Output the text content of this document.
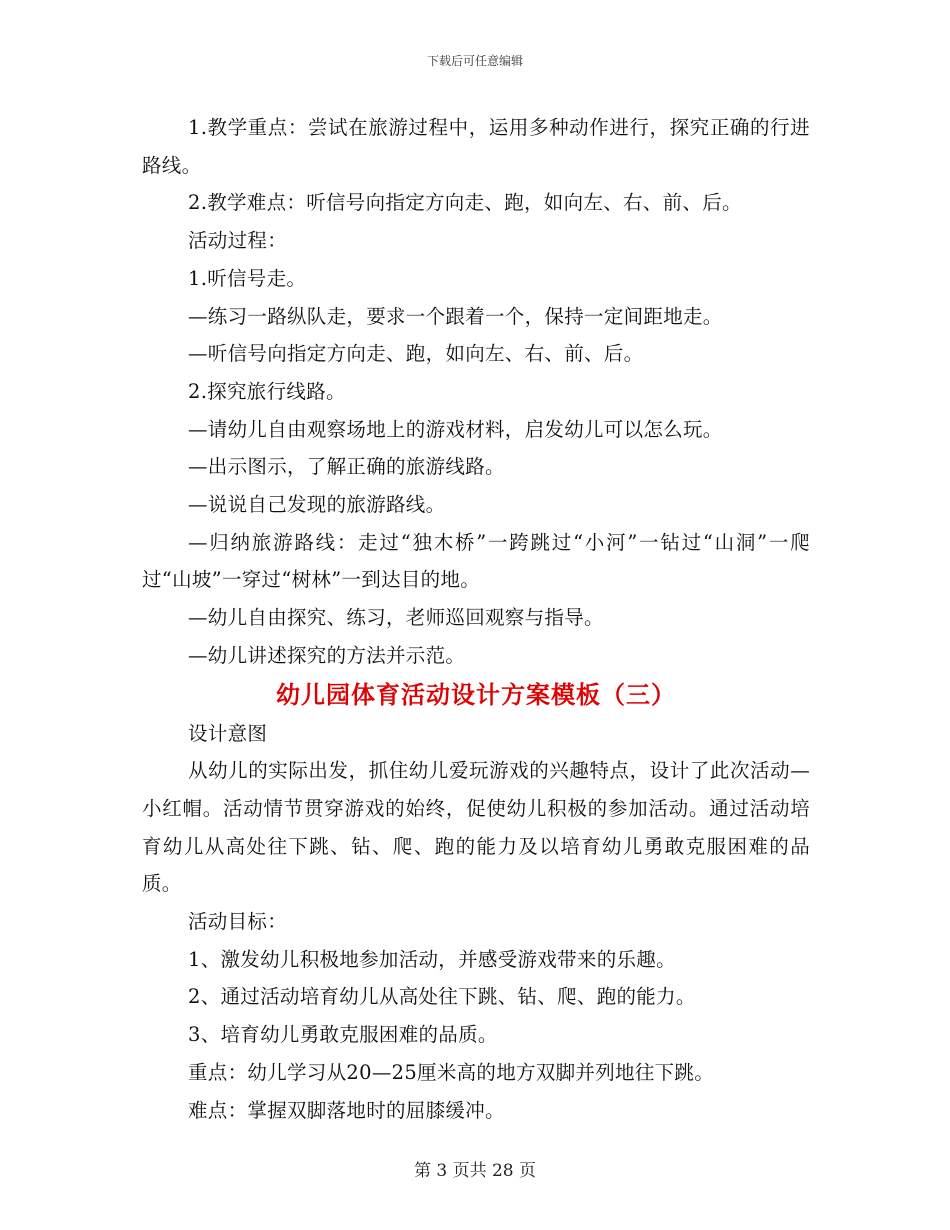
下载后可任意编辑

1.教学重点：尝试在旅游过程中，运用多种动作进行，探究正确的行进路线。

2.教学难点：听信号向指定方向走、跑，如向左、右、前、后。

活动过程：

1.听信号走。

—练习一路纵队走，要求一个跟着一个，保持一定间距地走。

—听信号向指定方向走、跑，如向左、右、前、后。

2.探究旅行线路。

—请幼儿自由观察场地上的游戏材料，启发幼儿可以怎么玩。

—出示图示，了解正确的旅游线路。

—说说自己发现的旅游路线。

—归纳旅游路线：走过“独木桥”一跨跳过“小河”一钻过“山洞”一爬过“山坡”一穿过“树林”一到达目的地。

—幼儿自由探究、练习，老师巡回观察与指导。

—幼儿讲述探究的方法并示范。

幼儿园体育活动设计方案模板（三）

设计意图

从幼儿的实际出发，抓住幼儿爱玩游戏的兴趣特点，设计了此次活动—小红帽。活动情节贯穿游戏的始终，促使幼儿积极的参加活动。通过活动培育幼儿从高处往下跳、钻、爬、跑的能力及以培育幼儿勇敢克服困难的品质。

活动目标：

1、激发幼儿积极地参加活动，并感受游戏带来的乐趣。

2、通过活动培育幼儿从高处往下跳、钻、爬、跑的能力。

3、培育幼儿勇敢克服困难的品质。

重点：幼儿学习从20—25厘米高的地方双脚并列地往下跳。

难点：掌握双脚落地时的屈膝缓冲。

第 3 页共 28 页
